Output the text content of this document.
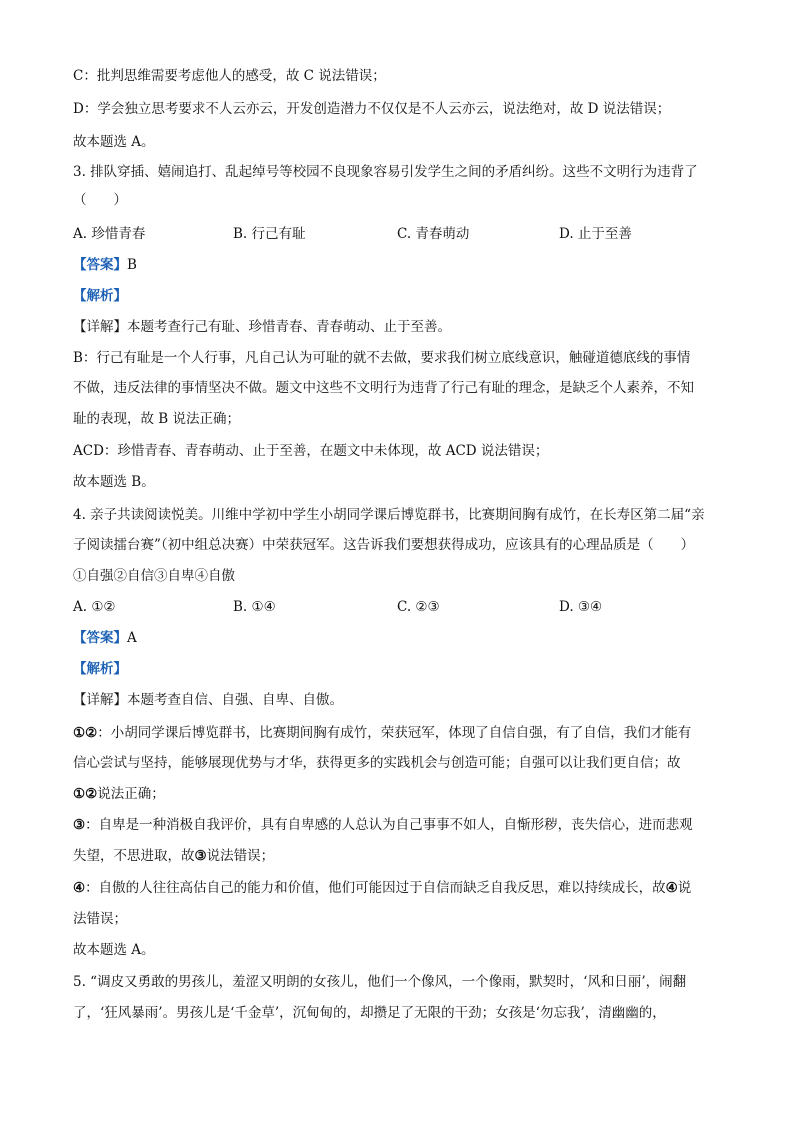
C：批判思维需要考虑他人的感受，故 C 说法错误；
D：学会独立思考要求不人云亦云，开发创造潜力不仅仅是不人云亦云，说法绝对，故 D 说法错误；
故本题选 A。
3. 排队穿插、嬉闹追打、乱起绰号等校园不良现象容易引发学生之间的矛盾纠纷。这些不文明行为违背了
（　　）
A. 珍惜青春	B. 行己有耻	C. 青春萌动	D. 止于至善
【答案】B
【解析】
【详解】本题考查行己有耻、珍惜青春、青春萌动、止于至善。
B：行己有耻是一个人行事，凡自己认为可耻的就不去做，要求我们树立底线意识，触碰道德底线的事情
不做，违反法律的事情坚决不做。题文中这些不文明行为违背了行己有耻的理念，是缺乏个人素养，不知
耻的表现，故 B 说法正确；
ACD：珍惜青春、青春萌动、止于至善，在题文中未体现，故 ACD 说法错误；
故本题选 B。
4. 亲子共读阅读悦美。川维中学初中学生小胡同学课后博览群书，比赛期间胸有成竹，在长寿区第二届“亲
子阅读擂台赛”（初中组总决赛）中荣获冠军。这告诉我们要想获得成功，应该具有的心理品质是（　　）
①自强②自信③自卑④自傲
A. ①②	B. ①④	C. ②③	D. ③④
【答案】A
【解析】
【详解】本题考查自信、自强、自卑、自傲。
①②：小胡同学课后博览群书，比赛期间胸有成竹，荣获冠军，体现了自信自强，有了自信，我们才能有
信心尝试与坚持，能够展现优势与才华，获得更多的实践机会与创造可能；自强可以让我们更自信；故
①②说法正确；
③：自卑是一种消极自我评价，具有自卑感的人总认为自己事事不如人，自惭形秽，丧失信心，进而悲观
失望，不思进取，故③说法错误；
④：自傲的人往往高估自己的能力和价值，他们可能因过于自信而缺乏自我反思，难以持续成长，故④说
法错误；
故本题选 A。
5. “调皮又勇敢的男孩儿，羞涩又明朗的女孩儿，他们一个像风，一个像雨，默契时，‘风和日丽’，闹翻
了，‘狂风暴雨’。男孩儿是‘千金草’，沉甸甸的，却攒足了无限的干劲；女孩是‘勿忘我’，清幽幽的，
